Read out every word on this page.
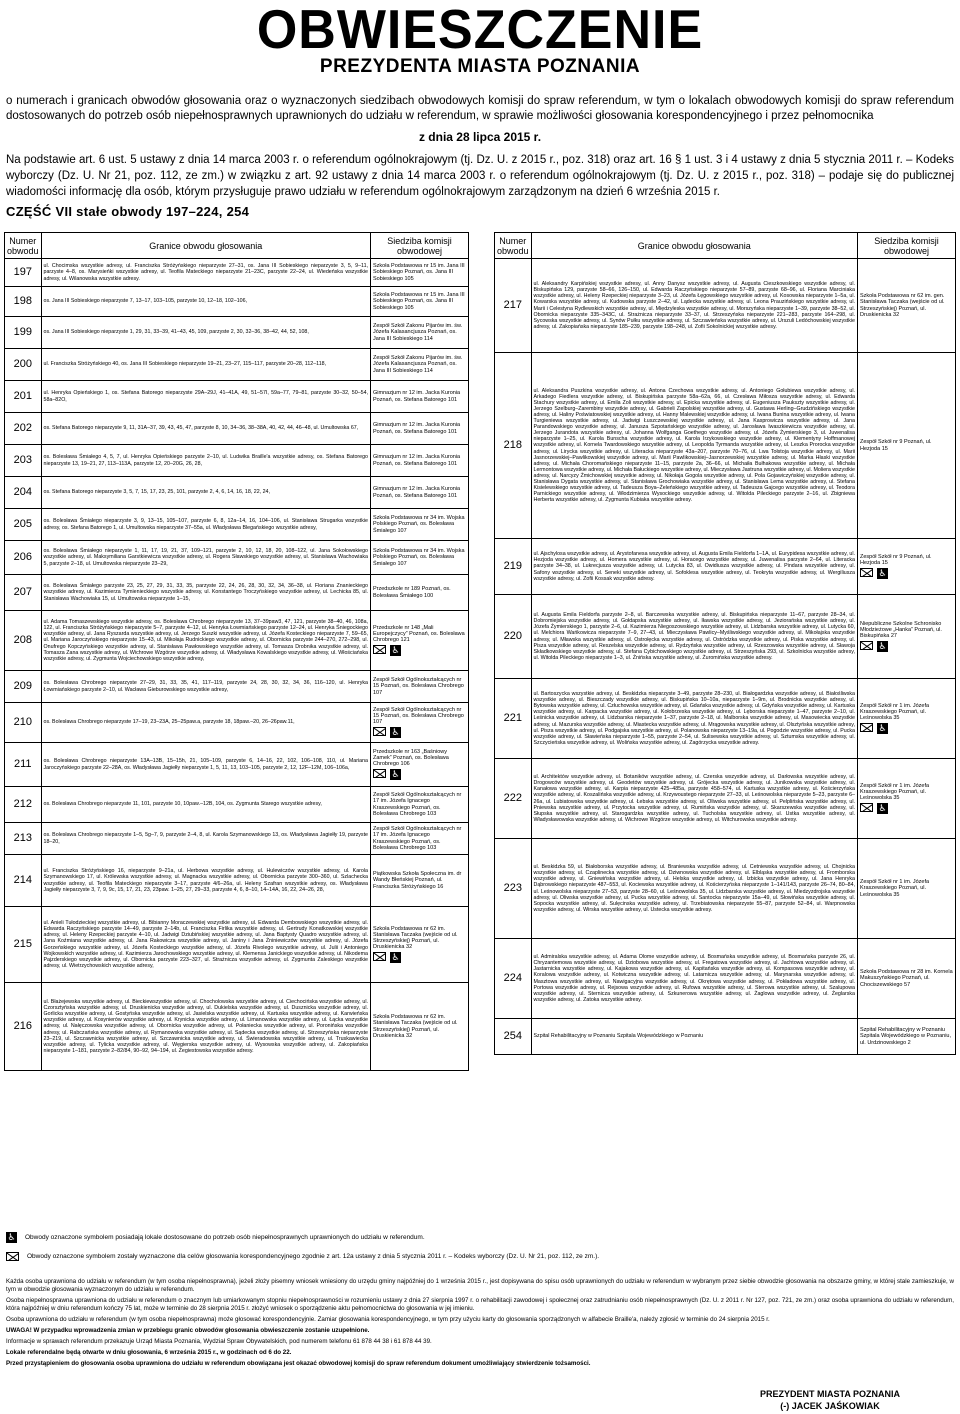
OBWIESZCZENIE
PREZYDENTA MIASTA POZNANIA
o numerach i granicach obwodów głosowania oraz o wyznaczonych siedzibach obwodowych komisji do spraw referendum, w tym o lokalach obwodowych komisji do spraw referendum dostosowanych do potrzeb osób niepełnosprawnych uprawnionych do udziału w referendum, w sprawie możliwości głosowania korespondencyjnego i przez pełnomocnika
z dnia 28 lipca 2015 r.
Na podstawie art. 6 ust. 5 ustawy z dnia 14 marca 2003 r. o referendum ogólnokrajowym (tj. Dz. U. z 2015 r., poz. 318) oraz art. 16 § 1 ust. 3 i 4 ustawy z dnia 5 stycznia 2011 r. – Kodeks wyborczy (Dz. U. Nr 21, poz. 112, ze zm.) w związku z art. 92 ustawy z dnia 14 marca 2003 r. o referendum ogólnokrajowym (tj. Dz. U. z 2015 r., poz. 318) – podaje się do publicznej wiadomości informację dla osób, którym przysługuje prawo udziału w referendum ogólnokrajowym zarządzonym na dzień 6 września 2015 r.
CZĘŚĆ VII stałe obwody 197–224, 254
Numer obwodu	Granice obwodu głosowania	Siedziba komisji obwodowej
197	ul. Chocimska wszystkie adresy, ul. Franciszka Stróżyńskiego nieparzyste 27–31, os. Jana III Sobieskiego nieparzyste 3, 5, 9–11, parzyste 4–8, os. Marysieńki wszystkie adresy, ul. Teofila Mateckiego nieparzyste 21–23C, parzyste 22–24, ul. Wiedeńska wszystkie adresy, ul. Wilanowska wszystkie adresy.	Szkoła Podstawowa nr 15 im. Jana III Sobieskiego Poznań, os. Jana III Sobieskiego 105

198	os. Jana III Sobieskiego nieparzyste 7, 13–17, 103–105, parzyste 10, 12–18, 102–106,	Szkoła Podstawowa nr 15 im. Jana III Sobieskiego Poznań, os. Jana III Sobieskiego 105

199	os. Jana III Sobieskiego nieparzyste 1, 29, 31, 33–39, 41–43, 45, 109, parzyste 2, 30, 32–36, 38–42, 44, 52, 108,	Zespół Szkół Zakonu Pijarów im. św. Józefa Kalasancjusza Poznań, os. Jana III Sobieskiego 114

200	ul. Franciszka Stróżyńskiego 40, os. Jana III Sobieskiego nieparzyste 19–21, 23–27, 115–117, parzyste 20–28, 112–118,	Zespół Szkół Zakonu Pijarów im. św. Józefa Kalasancjusza Poznań, os. Jana III Sobieskiego 114

201	ul. Henryka Opieńskiego 1, os. Stefana Batorego nieparzyste 29A–29J, 41–41A, 49, 51–57I, 59a–77, 79–81, parzyste 30–32, 50–54, 58a–82O,	Gimnazjum nr 12 im. Jacka Kuronia Poznań, os. Stefana Batorego 101

202	os. Stefana Batorego nieparzyste 9, 11, 31A–37, 39, 43, 45, 47, parzyste 8, 10, 34–36, 38–38A, 40, 42, 44, 46–48, ul. Umultowska 67,	Gimnazjum nr 12 im. Jacka Kuronia Poznań, os. Stefana Batorego 101

203	os. Bolesława Śmiałego 4, 5, 7, ul. Henryka Opieńskiego parzyste 2–10, ul. Ludwika Braille'a wszystkie adresy, os. Stefana Batorego nieparzyste 13, 19–21, 27, 113–113A, parzyste 12, 20–20G, 26, 28,	Gimnazjum nr 12 im. Jacka Kuronia Poznań, os. Stefana Batorego 101

204	os. Stefana Batorego nieparzyste 3, 5, 7, 15, 17, 23, 25, 101, parzyste 2, 4, 6, 14, 16, 18, 22, 24,	Gimnazjum nr 12 im. Jacka Kuronia Poznań, os. Stefana Batorego 101

205	os. Bolesława Śmiałego nieparzyste 3, 9, 13–15, 105–107, parzyste 6, 8, 12a–14, 16, 104–106, ul. Stanisława Strugarka wszystkie adresy, os. Stefana Batorego 1, ul. Umultowska nieparzyste 37–55a, ul. Władysława Blegańskiego wszystkie adresy,	Szkoła Podstawowa nr 34 im. Wojska Polskiego Poznań, os. Bolesława Śmiałego 107

206	os. Bolesława Śmiałego nieparzyste 1, 11, 17, 19, 21, 37, 109–121, parzyste 2, 10, 12, 18, 20, 108–122, ul. Jana Sokołowskiego wszystkie adresy, ul. Maksymiliana Garstkiewicza wszystkie adresy, ul. Rogera Sławskiego wszystkie adresy, ul. Stanisława Wachowiaka 5, parzyste 2–18, ul. Umultowska nieparzyste 23–29,	Szkoła Podstawowa nr 34 im. Wojska Polskiego Poznań, os. Bolesława Śmiałego 107

207	os. Bolesława Śmiałego parzyste 23, 25, 27, 29, 31, 33, 35, parzyste 22, 24, 26, 28, 30, 32, 34, 36–38, ul. Floriana Znanieckiego wszystkie adresy, ul. Kazimierza Tymienieckiego wszystkie adresy, ul. Konstantego Troczyńskiego wszystkie adresy, ul. Lechicka 85, ul. Stanisława Wachowiaka 15, ul. Umultowska nieparzyste 1–15,	Przedszkole nr 189 Poznań, os. Bolesława Śmiałego 100

208	ul. Adama Tomaszewskiego wszystkie adresy, os. Bolesława Chrobrego nieparzyste 13, 37–39paw3, 47, 121, parzyste 38–40, 46, 108a, 122, ul. Franciszka Stróżyńskiego nieparzyste 5–7, parzyste 4–12, ul. Henryka Łowmiańskiego parzyste 12–24, ul. Henryka Śniegockiego wszystkie adresy, ul. Jana Ryszarda wszystkie adresy, ul. Jerzego Suszki wszystkie adresy, ul. Józefa Kosteckiego nieparzyste 7, 59–65, ul. Mariana Jaroczyńskiego nieparzyste 15–43, ul. Mikołaja Rudnickiego wszystkie adresy, ul. Obornicka parzyste 244–270, 272–298, ul. Onufrego Kopczyńskiego wszystkie adresy, ul. Stanisława Pawłowskiego wszystkie adresy, ul. Tomasza Drobnika wszystkie adresy, ul. Tomasza Zana wszystkie adresy, ul. Wichrowe Wzgórze wszystkie adresy, ul. Władysława Kowalskiego wszystkie adresy, ul. Włościańska wszystkie adresy, ul. Zygmunta Wojciechowskiego wszystkie adresy,	Przedszkole nr 148 „Mali Europejczycy” Poznań, os. Bolesława Chrobrego 121
♿

209	os. Bolesława Chrobrego nieparzyste 27–29, 31, 33, 35, 41, 117–119, parzyste 24, 28, 30, 32, 34, 36, 116–120, ul. Henryka Łowmiańskiego parzyste 2–10, ul. Wacława Gieburowskiego wszystkie adresy,	Zespół Szkół Ogólnokształcących nr 15 Poznań, os. Bolesława Chrobrego 107

210	os. Bolesława Chrobrego nieparzyste 17–19, 23–23A, 25–25paw.a, parzyste 18, 18paw.–20, 26–26paw.11,	Zespół Szkół Ogólnokształcących nr 15 Poznań, os. Bolesława Chrobrego 107
♿

211	os. Bolesława Chrobrego nieparzyste 13A–13B, 15–15h, 21, 105–109, parzyste 6, 14–16, 22, 102, 106–108, 110, ul. Mariana Jaroczyńskiego parzyste 22–28A, os. Władysława Jagiełły nieparzyste 1, 5, 11, 13, 103–105, parzyste 2, 12, 12F–12M, 106–106a,	Przedszkole nr 163 „Baśniowy Zamek” Poznań, os. Bolesława Chrobrego 106
♿

212	os. Bolesława Chrobrego nieparzyste 11, 101, parzyste 10, 10paw.–12B, 104, os. Zygmunta Starego wszystkie adresy,	Zespół Szkół Ogólnokształcących nr 17 im. Józefa Ignacego Kraszewskiego Poznań, os. Bolesława Chrobrego 103

213	os. Bolesława Chrobrego nieparzyste 1–5, 5g–7, 9, parzyste 2–4, 8, ul. Karola Szymanowskiego 13, os. Władysława Jagiełły 19, parzyste 18–20,	Zespół Szkół Ogólnokształcących nr 17 im. Józefa Ignacego Kraszewskiego Poznań, os. Bolesława Chrobrego 103

214	ul. Franciszka Stróżyńskiego 16, nieparzyste 9–21a, ul. Herbowa wszystkie adresy, ul. Hulewiczów wszystkie adresy, ul. Karola Szymanowskiego 17, ul. Królewska wszystkie adresy, ul. Magnacka wszystkie adresy, ul. Obornicka parzyste 300–360, ul. Szlachecka wszystkie adresy, ul. Teofila Mateckiego nieparzyste 3–17, parzyste 4/6–26a, ul. Heleny Szafran wszystkie adresy, os. Władysława Jagiełły nieparzyste 3, 7, 9, 9c, 15, 17, 21, 23, 23paw. 1–25, 27, 29–33, parzyste 4, 6, 8–10, 14–14A, 16, 22, 24–26, 28,	Piątkowska Szkoła Społeczna im. dr Wandy Błeńskiej Poznań, ul. Franciszka Stróżyńskiego 16

215	ul. Anieli Tułodzieckiej wszystkie adresy, ul. Bibianny Moraczewskiej wszystkie adresy, ul. Edwarda Dembowskiego wszystkie adresy, ul. Edwarda Raczyńskiego parzyste 14–49, parzyste 2–14b, ul. Franciszka Firlika wszystkie adresy, ul. Gertrudy Konatkowskiej wszystkie adresy, ul. Heleny Rzepeckiej parzyste 4–10, ul. Jadwigi Dziubińskiej wszystkie adresy, ul. Jana Baptysty Quadro wszystkie adresy, ul. Jana Koźmiana wszystkie adresy, ul. Jana Rakowicza wszystkie adresy, ul. Janiny i Jana Żniniewiczów wszystkie adresy, ul. Józefa Gorzeńskiego wszystkie adresy, ul. Józefa Kosteckiego wszystkie adresy, ul. Józefa Rivolego wszystkie adresy, ul. Julii i Antoniego Wojkowskich wszystkie adresy, ul. Kazimierza Jarochowskiego wszystkie adresy, ul. Klemensa Janickiego wszystkie adresy, ul. Nikodema Pajzderskiego wszystkie adresy, ul. Obornicka parzyste 223–327, ul. Strażnicza wszystkie adresy, ul. Zygmunta Zaleskiego wszystkie adresy, ul. Wietrzychowskich wszystkie adresy,	Szkoła Podstawowa nr 62 im. Stanisława Taczaka (wejście od ul. Strzeszyńskiej) Poznań, ul. Druskienicka 32
♿

216	ul. Błażejewska wszystkie adresy, ul. Bieckiewszystkie adresy, ul. Chocholowska wszystkie adresy, ul. Ciechocińska wszystkie adresy, ul. Czorsztyńska wszystkie adresy, ul. Druskienicka wszystkie adresy, ul. Dukielska wszystkie adresy, ul. Dusznicka wszystkie adresy, ul. Gorlicka wszystkie adresy, ul. Gostyńska wszystkie adresy, ul. Jasielska wszystkie adresy, ul. Kartuska wszystkie adresy, ul. Karwieńska wszystkie adresy, ul. Kosynierów wszystkie adresy, ul. Krynicka wszystkie adresy, ul. Limanowska wszystkie adresy, ul. Łącka wszystkie adresy, ul. Nałęczowska wszystkie adresy, ul. Obornicka wszystkie adresy, ul. Połaniecka wszystkie adresy, ul. Poronińska wszystkie adresy, ul. Rabczańska wszystkie adresy, ul. Rymanowska wszystkie adresy, ul. Sądecka wszystkie adresy, ul. Strzeszyńska nieparzyste 23–219, ul. Szczawnicka wszystkie adresy, ul. Szczawnicka wszystkie adresy, ul. Świeradowska wszystkie adresy, ul. Truskawiecka wszystkie adresy, ul. Tylicka wszystkie adresy, ul. Węgierska wszystkie adresy, ul. Wysowska wszystkie adresy, ul. Zakopiańska nieparzyste 1–181, parzyste 2–82/84, 90–92, 94–194, ul. Żegiestowska wszystkie adresy.	Szkoła Podstawowa nr 62 im. Stanisława Taczaka (wejście od ul. Strzeszyńskiej) Poznań, ul. Druskienicka 32
Numer obwodu	Granice obwodu głosowania	Siedziba komisji obwodowej
217	ul. Aleksandry Karpińskiej wszystkie adresy, ul. Anny Danysz wszystkie adresy, ul. Augusta Cieszkowskiego wszystkie adresy, ul. Biskupińska 129, parzyste 58–66, 126–150, ul. Edwarda Raczyńskiego nieparzyste 57–89, parzyste 68–96, ul. Floriana Marciniaka wszystkie adresy, ul. Heleny Rzepeckiej nieparzyste 3–23, ul. Józefa Łęgowskiego wszystkie adresy, ul. Kosowska nieparzyste 1–5a, ul. Kowarska wszystkie adresy, ul. Kudowska parzyste 2–42, ul. Lądecka wszystkie adresy, ul. Leona Prauzińskiego wszystkie adresy, ul. Marii i Celestyna Rydlewskich wszystkie adresy, ul. Międzyleska wszystkie adresy, ul. Morszyńska nieparzyste 1–39, parzyste 38–52, ul. Obornicka nieparzyste 335–343C, ul. Strażnicza nieparzyste 33–37, ul. Strzeszyńska nieparzyste 221–283, parzyste 164–298, ul. Sycowska wszystkie adresy, ul. Synów Pułku wszystkie adresy, ul. Szczawieńska wszystkie adresy, ul. Urszuli Ledóchowskiej wszystkie adresy, ul. Zakopiańska nieparzyste 185–239, parzyste 198–248, ul. Zofii Sokolnickiej wszystkie adresy.	Szkoła Podstawowa nr 62 im. gen. Stanisława Taczaka (wejście od ul. Strzeszyńskiej) Poznań, ul. Druskienicka 32

218	ul. Aleksandra Puszkina wszystkie adresy, ul. Antona Czechowa wszystkie adresy, ul. Antoniego Gołubiewa wszystkie adresy, ul. Arkadego Fiedlera wszystkie adresy, ul. Biskupińska parzyste 58a–62a, 66, ul. Czesława Miłosza wszystkie adresy, ul. Edwarda Stachury wszystkie adresy, ul. Emila Zoli wszystkie adresy, ul. Epicka wszystkie adresy, ul. Eugeniusza Paukszty wszystkie adresy, ul. Jerzego Szelburg–Zarembiny wszystkie adresy, ul. Gabrieli Zapolskiej wszystkie adresy, ul. Gustawa Herling–Grudzińskiego wszystkie adresy, ul. Haliny Poświatowskiej wszystkie adresy, ul. Hanny Malewskiej wszystkie adresy, ul. Iwana Bunina wszystkie adresy, ul. Iwana Turgieniewa wszystkie adresy, ul. Jadwigi Łuszczewskiej wszystkie adresy, ul. Jana Kasprowicza wszystkie adresy, ul. Jana Parandowskiego wszystkie adresy, ul. Janusza Szpotańskiego wszystkie adresy, ul. Jarosława Iwaszkiewicza wszystkie adresy, ul. Jerzego Jurandota wszystkie adresy, ul. Johanna Wolfganga Goethego wszystkie adresy, ul. Józefa Żymierskiego 3, ul. Juwenalisa nieparzyste 1–25, ul. Karola Bunscha wszystkie adresy, ul. Karola Irzykowskiego wszystkie adresy, ul. Klementyny Hoffmanowej wszystkie adresy, ul. Kornela Twardowskiego wszystkie adresy, ul. Leopolda Tyrmanda wszystkie adresy, ul. Leszka Prorocka wszystkie adresy, ul. Lirycka wszystkie adresy, ul. Literacka nieparzyste 43a–207, parzyste 70–76, ul. Lwa Tołstoja wszystkie adresy, ul. Marii Jasnorzewskiej–Pawlikowskiej wszystkie adresy, ul. Marii Pawlikowskiej–Jasnorzewskiej wszystkie adresy, ul. Marka Hłaski wszystkie adresy, ul. Michała Choromańskiego nieparzyste 11–15, parzyste 2a, 36–66, ul. Michaiła Bułhakowa wszystkie adresy, ul. Michała Lermontowa wszystkie adresy, ul. Michała Bałuckiego wszystkie adresy, ul. Mieczysława Jastruna wszystkie adresy, ul. Moliera wszystkie adresy, ul. Narcyzy Żmichowskiej wszystkie adresy, ul. Nikołaja Gogola wszystkie adresy, ul. Pola Gojawiczyńskiej wszystkie adresy, ul. Stanisława Dygata wszystkie adresy, ul. Stanisława Grochowiaka wszystkie adresy, ul. Stanisława Lema wszystkie adresy, ul. Stefana Kisielewskiego wszystkie adresy, ul. Tadeusza Boya–Żeleńskiego wszystkie adresy, ul. Tadeusza Gajcego wszystkie adresy, ul. Teodora Parnickiego wszystkie adresy, ul. Włodzimierza Wysockiego wszystkie adresy, ul. Witolda Pileckiego parzyste 2–16, ul. Zbigniewa Herberta wszystkie adresy, ul. Zygmunta Kubiaka wszystkie adresy.	Zespół Szkół nr 9 Poznań, ul. Hezjoda 15

219	ul. Ajschylosa wszystkie adresy, ul. Arystofanesa wszystkie adresy, ul. Augusta Emila Fieldorfa 1–1A, ul. Eurypidesa wszystkie adresy, ul. Hezjoda wszystkie adresy, ul. Homera wszystkie adresy, ul. Horacego wszystkie adresy, ul. Juwenalisa parzyste 2–64, ul. Literacka parzyste 34–38, ul. Lukrecjusza wszystkie adresy, ul. Lutycka 83, ul. Owidiusza wszystkie adresy, ul. Pindara wszystkie adresy, ul. Safony wszystkie adresy, ul. Seneki wszystkie adresy, ul. Sofoklesa wszystkie adresy, ul. Teokryta wszystkie adresy, ul. Wergiliusza wszystkie adresy, ul. Zofii Kossak wszystkie adresy.	Zespół Szkół nr 9 Poznań, ul. Hezjoda 15
♿

220	ul. Augusta Emila Fieldorfa parzyste 2–8, ul. Barczewska wszystkie adresy, ul. Biskupińska nieparzyste 11–67, parzyste 28–34, ul. Dobromiejska wszystkie adresy, ul. Gołdapska wszystkie adresy, ul. Iławska wszystkie adresy, ul. Jeziorańska wszystkie adresy, ul. Józefa Żymierskiego 1, parzyste 2–6, ul. Kazimierza Niegoszowskiego wszystkie adresy, ul. Lidzbarska wszystkie adresy, ul. Lutycka 60, ul. Melchiora Wańkowicza nieparzyste 7–9, 27–43, ul. Mieczysława Pawlicy–Myśliwskiego wszystkie adresy, ul. Mikołajska wszystkie adresy, ul. Mławska wszystkie adresy, ul. Ostrołęcka wszystkie adresy, ul. Ostródzka wszystkie adresy, ul. Piska wszystkie adresy, ul. Pisza wszystkie adresy, ul. Reszelska wszystkie adresy, ul. Rydzyńska wszystkie adresy, ul. Rzeszowska wszystkie adresy, ul. Sławoja Składkowskiego wszystkie adresy, ul. Stefana Cybichowskiego wszystkie adresy, ul. Strzeszyńska 293, ul. Szkolnicka wszystkie adresy, ul. Witolda Pileckiego nieparzyste 1–3, ul. Żnińska wszystkie adresy, ul. Żuromińska wszystkie adresy.	Niepubliczne Szkolne Schronisko Młodzieżowe „Hanka” Poznań, ul. Biskupińska 27
♿

221	ul. Bartoszycka wszystkie adresy, ul. Beskidzka nieparzyste 3–49, parzyste 28–230, ul. Białogardzka wszystkie adresy, ul. Białośliwska wszystkie adresy, ul. Bieszczady wszystkie adresy, ul. Biskupińska 10–10a, nieparzyste 1–9m, ul. Brodnicka wszystkie adresy, ul. Bytowska wszystkie adresy, ul. Człuchowska wszystkie adresy, ul. Gdańska wszystkie adresy, ul. Gdyńska wszystkie adresy, ul. Kartuska wszystkie adresy, ul. Karpacka wszystkie adresy, ul. Kołobrzeska wszystkie adresy, ul. Lęborska nieparzyste 1–47, parzyste 2–10, ul. Leśnicka wszystkie adresy, ul. Lidzbarska nieparzyste 1–37, parzyste 2–18, ul. Malborska wszystkie adresy, ul. Masowiecka wszystkie adresy, ul. Mazurska wszystkie adresy, ul. Miastecka wszystkie adresy, ul. Mrągowska wszystkie adresy, ul. Olsztyńska wszystkie adresy, ul. Pisza wszystkie adresy, ul. Podgajska wszystkie adresy, ul. Polanowska nieparzyste 13–19a, ul. Pogodzie wszystkie adresy, ul. Pucka wszystkie adresy, ul. Sławieńska nieparzyste 1–55, parzyste 2–54, ul. Sulisewska wszystkie adresy, ul. Sztumska wszystkie adresy, ul. Szczycieńska wszystkie adresy, ul. Wolińska wszystkie adresy, ul. Zagórzycka wszystkie adresy.	Zespół Szkół nr 1 im. Józefa Kraszewskiego Poznań, ul. Leśnowolska 35
♿

222	ul. Architektów wszystkie adresy, ul. Botaników wszystkie adresy, ul. Czerska wszystkie adresy, ul. Darłowska wszystkie adresy, ul. Drogowców wszystkie adresy, ul. Geodetów wszystkie adresy, ul. Grójecka wszystkie adresy, ul. Junikowska wszystkie adresy, ul. Kanałowa wszystkie adresy, ul. Karpia nieparzyste 425–485a, parzyste 458–574, ul. Kartuska wszystkie adresy, ul. Kościerzyńska wszystkie adresy, ul. Koszalińska wszystkie adresy, ul. Krzywoustego nieparzyste 27–33, ul. Leśnowolska nieparzyste 5–23, parzyste 6–26a, ul. Lubiatowska wszystkie adresy, ul. Łebska wszystkie adresy, ul. Oliwska wszystkie adresy, ul. Pelplińska wszystkie adresy, ul. Pniewska wszystkie adresy, ul. Przytocka wszystkie adresy, ul. Rumińska wszystkie adresy, ul. Skarszewska wszystkie adresy, ul. Słupska wszystkie adresy, ul. Starogardzka wszystkie adresy, ul. Tucholska wszystkie adresy, ul. Ustka wszystkie adresy, ul. Władysławowska wszystkie adresy, ul. Wichrowe Wzgórze wszystkie adresy, ul. Witchurowska wszystkie adresy.	Zespół Szkół nr 1 im. Józefa Kraszewskiego Poznań, ul. Leśnowolska 35
♿

223	ul. Beskidzka 59, ul. Białoborska wszystkie adresy, ul. Braniewska wszystkie adresy, ul. Cetniewska wszystkie adresy, ul. Chojnicka wszystkie adresy, ul. Czaplinecka wszystkie adresy, ul. Dziwnowska wszystkie adresy, ul. Elbląska wszystkie adresy, ul. Fromborska wszystkie adresy, ul. Gniewińska wszystkie adresy, ul. Helska wszystkie adresy, ul. Izbicka wszystkie adresy, ul. Jana Henryka Dąbrowskiego nieparzyste 487–553, ul. Kociewska wszystkie adresy, ul. Kościerzyńska nieparzyste 1–141/143, parzyste 26–74, 80–84, ul. Leśnowolska nieparzyste 27–53, parzyste 28–60, ul. Leśnowolska 35, ul. Lidzbarska wszystkie adresy, ul. Miedzyzdrojska wszystkie adresy, ul. Oliwska wszystkie adresy, ul. Pucka wszystkie adresy, ul. Santocka nieparzyste 15a–49, ul. Słowińska wszystkie adresy, ul. Sopocka wszystkie adresy, ul. Sulęcinska wszystkie adresy, ul. Trzebiatowska nieparzyste 55–87, parzyste 52–84, ul. Warpnowska wszystkie adresy, ul. Wirska wszystkie adresy, ul. Ustecka wszystkie adresy.	Zespół Szkół nr 1 im. Józefa Kraszewskiego Poznań, ul. Leśnowolska 35

224	ul. Admiralska wszystkie adresy, ul. Adama Olome wszystkie adresy, ul. Bosmańska wszystkie adresy, ul. Bosmańska parzyste 26, ul. Chryzantemowa wszystkie adresy, ul. Dziobowa wszystkie adresy, ul. Fregatowa wszystkie adresy, ul. Jachtowa wszystkie adresy, ul. Jastarnicka wszystkie adresy, ul. Kajakowa wszystkie adresy, ul. Kapitańska wszystkie adresy, ul. Kompasowa wszystkie adresy, ul. Koralowa wszystkie adresy, ul. Kotwiczna wszystkie adresy, ul. Latarnicza wszystkie adresy, ul. Marynarska wszystkie adresy, ul. Masztowa wszystkie adresy, ul. Nawigacyjna wszystkie adresy, ul. Okrętowa wszystkie adresy, ul. Pokładowa wszystkie adresy, ul. Portowa wszystkie adresy, ul. Rejsowa wszystkie adresy, ul. Rufowa wszystkie adresy, ul. Sterowa wszystkie adresy, ul. Szalupowa wszystkie adresy, ul. Sternicza wszystkie adresy, ul. Szkunerowa wszystkie adresy, ul. Żaglowa wszystkie adresy, ul. Żeglarska wszystkie adresy, ul. Zatoka wszystkie adresy.	Szkoła Podstawowa nr 28 im. Kornela Makuszyńskiego Poznań, ul. Chociszewskiego 57

254	Szpital Rehabilitacyjny w Poznaniu Szpitala Wojewódzkiego w Poznaniu	Szpital Rehabilitacyjny w Poznaniu Szpitala Wojewódzkiego w Poznaniu, ul. Urdzinowskiego 2
♿ Obwody oznaczone symbolem posiadają lokale dostosowane do potrzeb osób niepełnosprawnych uprawnionych do udziału w referendum.
Obwody oznaczone symbolem zostały wyznaczone dla celów głosowania korespondencyjnego zgodnie z art. 12a ustawy z dnia 5 stycznia 2011 r. – Kodeks wyborczy (Dz. U. Nr 21, poz. 112, ze zm.).

Każda osoba uprawniona do udziału w referendum (w tym osoba niepełnosprawna), jeżeli złoży pisemny wniosek wniesiony do urzędu gminy najpóźniej do 1 września 2015 r., jest dopisywana do spisu osób uprawnionych do udziału w referendum w wybranym przez siebie obwodzie głosowania na obszarze gminy, w której stale zamieszkuje, w tym w obwodzie głosowania wyznaczonym do udziału w referendum.

Osoba niepełnosprawna uprawniona do udziału w referendum o znacznym lub umiarkowanym stopniu niepełnosprawności w rozumieniu ustawy z dnia 27 sierpnia 1997 r. o rehabilitacji zawodowej i społecznej oraz zatrudnianiu osób niepełnosprawnych (Dz. U. z 2011 r. Nr 127, poz. 721, ze zm.) oraz osoba uprawniona do udziału w referendum, która najpóźniej w dniu referendum kończy 75 lat, może w terminie do 28 sierpnia 2015 r. złożyć wniosek o sporządzenie aktu pełnomocnictwa do głosowania w jej imieniu.

Osoba uprawniona do udziału w referendum (w tym osoba niepełnosprawna) może głosować korespondencyjnie. Zamiar głosowania korespondencyjnego, w tym przy użyciu karty do głosowania sporządzonych w alfabecie Braille'a, należy zgłosić w terminie do 24 sierpnia 2015 r.

UWAGA! W przypadku wprowadzenia zmian w przebiegu granic obwodów głosowania obwieszczenie zostanie uzupełnione.

Informacje w sprawach referendum przekazuje Urząd Miasta Poznania, Wydział Spraw Obywatelskich, pod numerem telefonu 61 878 44 38 i 61 878 44 39.

Lokale referendalne będą otwarte w dniu głosowania, 6 września 2015 r., w godzinach od 6 do 22.

Przed przystąpieniem do głosowania osoba uprawniona do udziału w referendum obowiązana jest okazać obwodowej komisji do spraw referendum dokument umożliwiający stwierdzenie tożsamości.

PREZYDENT MIASTA POZNANIA
(-) JACEK JAŚKOWIAK
